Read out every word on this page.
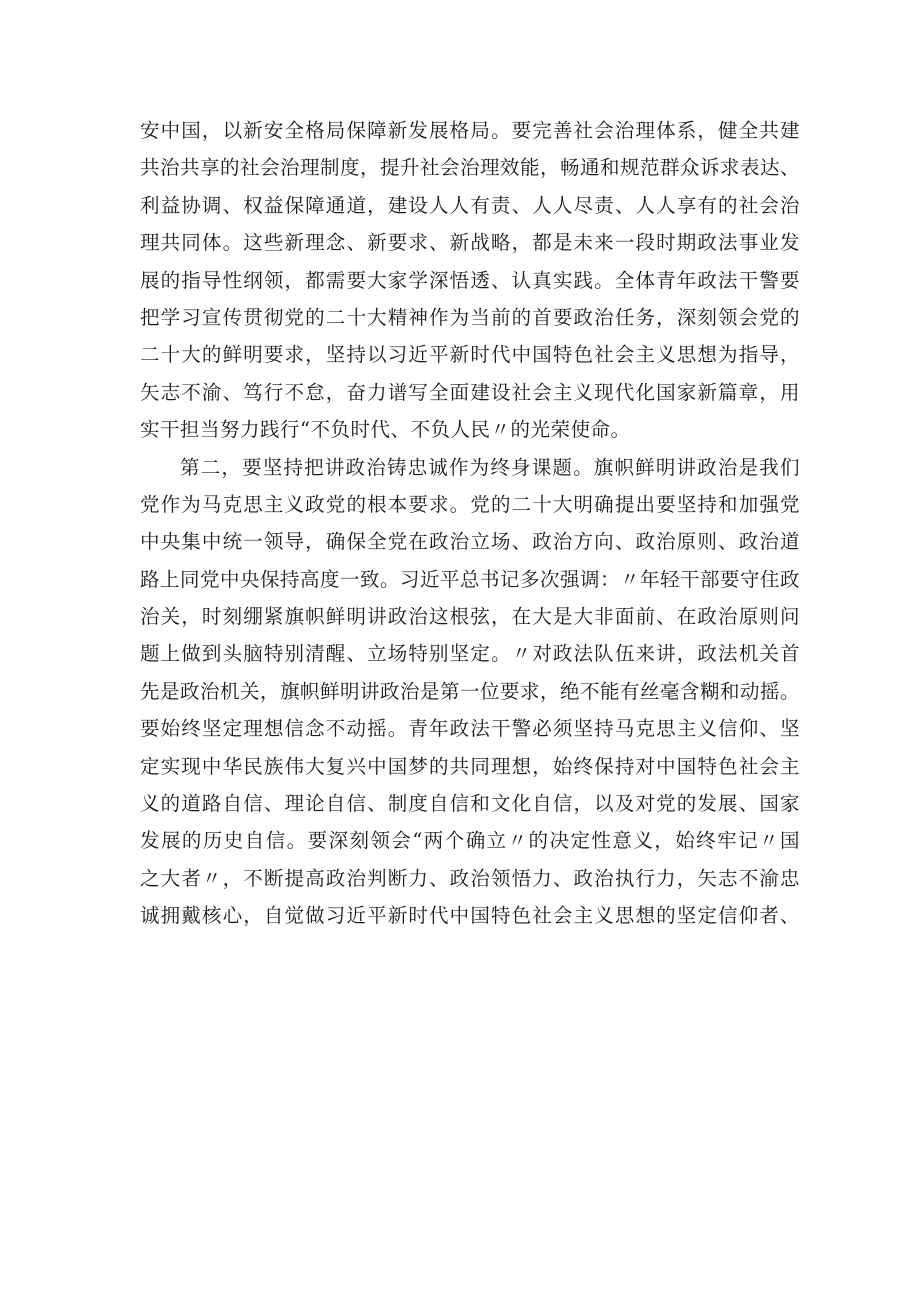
安中国，以新安全格局保障新发展格局。要完善社会治理体系，健全共建
共治共享的社会治理制度，提升社会治理效能，畅通和规范群众诉求表达、
利益协调、权益保障通道，建设人人有责、人人尽责、人人享有的社会治
理共同体。这些新理念、新要求、新战略，都是未来一段时期政法事业发
展的指导性纲领，都需要大家学深悟透、认真实践。全体青年政法干警要
把学习宣传贯彻党的二十大精神作为当前的首要政治任务，深刻领会党的
二十大的鲜明要求，坚持以习近平新时代中国特色社会主义思想为指导，
矢志不渝、笃行不怠，奋力谱写全面建设社会主义现代化国家新篇章，用
实干担当努力践行“不负时代、不负人民〃的光荣使命。
第二，要坚持把讲政治铸忠诚作为终身课题。旗帜鲜明讲政治是我们
党作为马克思主义政党的根本要求。党的二十大明确提出要坚持和加强党
中央集中统一领导，确保全党在政治立场、政治方向、政治原则、政治道
路上同党中央保持高度一致。习近平总书记多次强调：〃年轻干部要守住政
治关，时刻绷紧旗帜鲜明讲政治这根弦，在大是大非面前、在政治原则问
题上做到头脑特别清醒、立场特别坚定。〃对政法队伍来讲，政法机关首
先是政治机关，旗帜鲜明讲政治是第一位要求，绝不能有丝毫含糊和动摇。
要始终坚定理想信念不动摇。青年政法干警必须坚持马克思主义信仰、坚
定实现中华民族伟大复兴中国梦的共同理想，始终保持对中国特色社会主
义的道路自信、理论自信、制度自信和文化自信，以及对党的发展、国家
发展的历史自信。要深刻领会“两个确立〃的决定性意义，始终牢记〃国
之大者〃，不断提高政治判断力、政治领悟力、政治执行力，矢志不渝忠
诚拥戴核心，自觉做习近平新时代中国特色社会主义思想的坚定信仰者、
